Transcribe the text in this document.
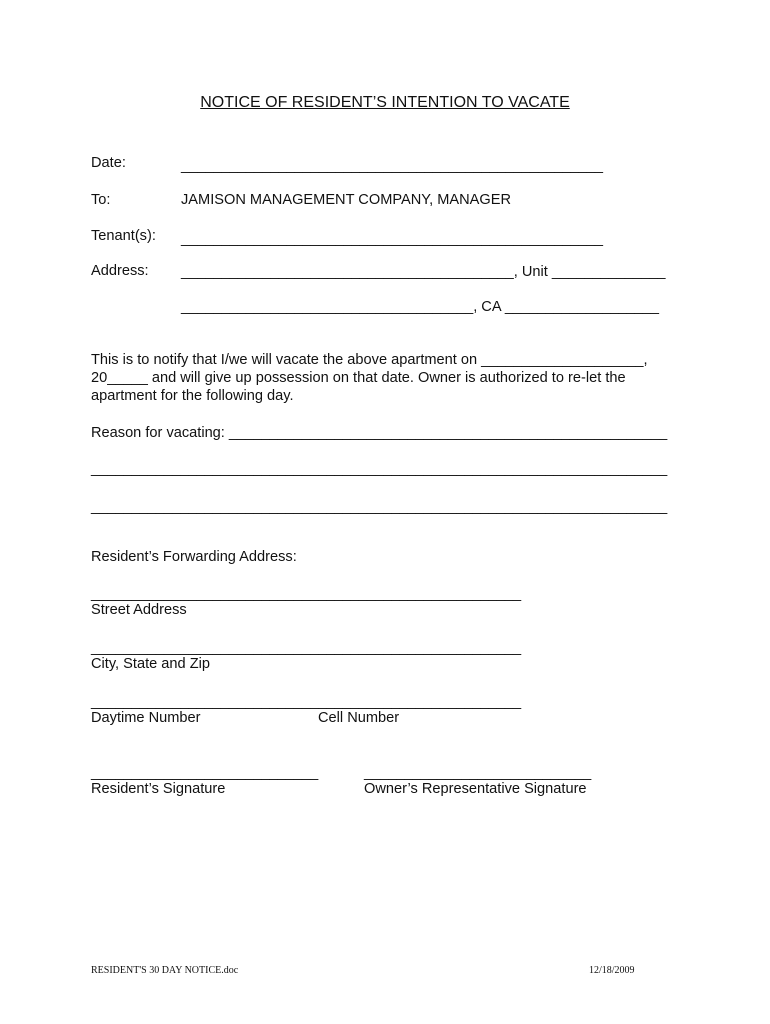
NOTICE OF RESIDENT’S INTENTION TO VACATE
Date:	____________________________________________________
To:	JAMISON MANAGEMENT COMPANY, MANAGER
Tenant(s): ____________________________________________________
Address: _________________________________________, Unit ______________
____________________________________, CA ___________________
This is to notify that I/we will vacate the above apartment on ____________________,
20_____ and will give up possession on that date. Owner is authorized to re-let the
apartment for the following day.
Reason for vacating: ______________________________________________________
_______________________________________________________________________
_______________________________________________________________________
Resident’s Forwarding Address:
_____________________________________________________
Street Address
_____________________________________________________
City, State and Zip
_____________________________________________________
Daytime Number	Cell Number
____________________________
Resident’s Signature
____________________________
Owner’s Representative Signature
RESIDENT'S 30 DAY NOTICE.doc	12/18/2009
